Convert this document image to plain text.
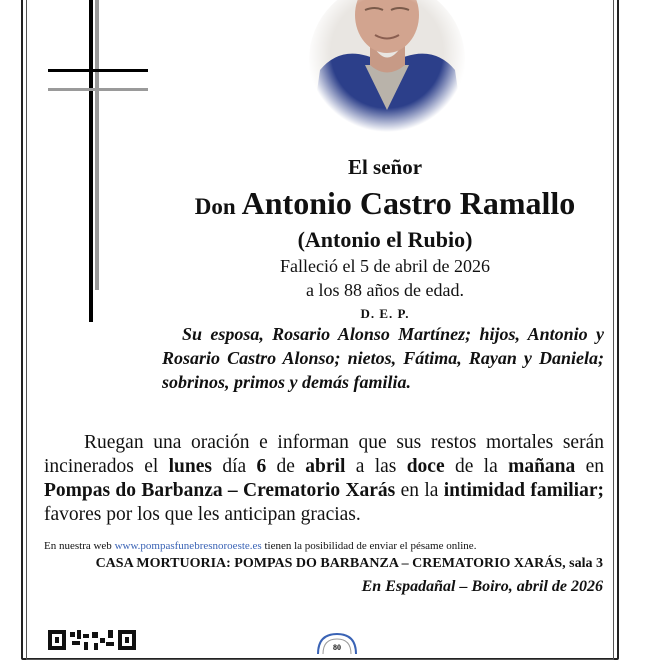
El señor
Don Antonio Castro Ramallo
(Antonio el Rubio)
Falleció el 5 de abril de 2026
a los 88 años de edad.
D. E. P.
Su esposa, Rosario Alonso Martínez; hijos, Antonio y Rosario Castro Alonso; nietos, Fátima, Rayan y Daniela; sobrinos, primos y demás familia.
Ruegan una oración e informan que sus restos mortales serán incinerados el lunes día 6 de abril a las doce de la mañana en Pompas do Barbanza – Crematorio Xarás en la intimidad familiar; favores por los que les anticipan gracias.
En nuestra web www.pompasfunebresnoroeste.es tienen la posibilidad de enviar el pésame online.
CASA MORTUORIA: POMPAS DO BARBANZA – CREMATORIO XARÁS, sala 3
En Espadañal – Boiro, abril de 2026
80
